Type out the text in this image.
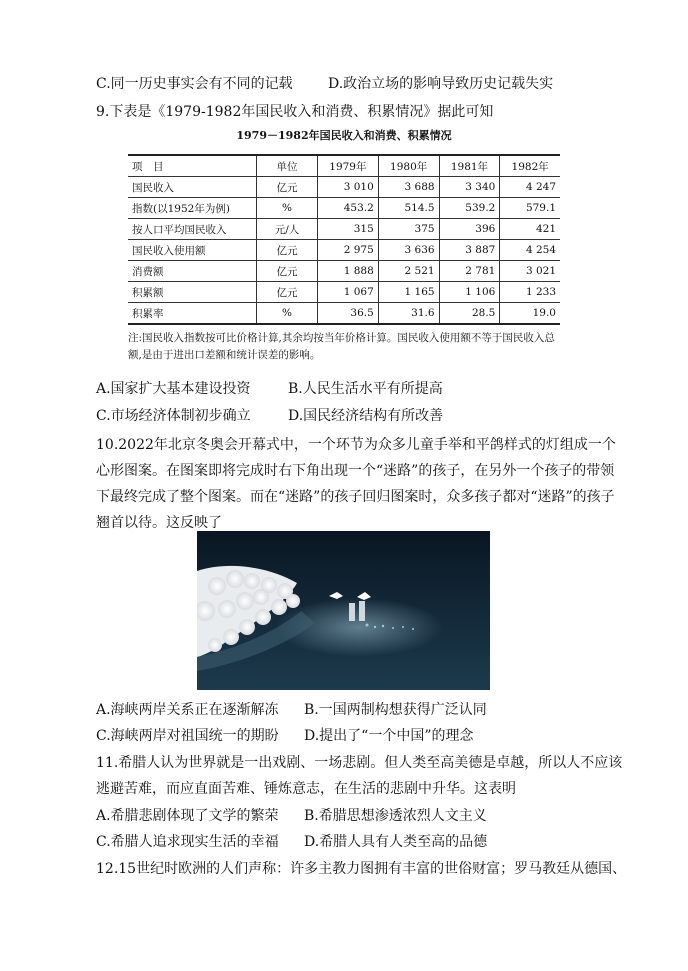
C.同一历史事实会有不同的记载	D.政治立场的影响导致历史记载失实
9.下表是《1979-1982年国民收入和消费、积累情况》据此可知
1979－1982年国民收入和消费、积累情况
项　目	单位	1979年	1980年	1981年	1982年
国民收入	亿元	3 010	3 688	3 340	4 247
指数(以1952年为例)	%	453.2	514.5	539.2	579.1
按人口平均国民收入	元/人	315	375	396	421
国民收入使用额	亿元	2 975	3 636	3 887	4 254
消费额	亿元	1 888	2 521	2 781	3 021
积累额	亿元	1 067	1 165	1 106	1 233
积累率	%	36.5	31.6	28.5	19.0
注:国民收入指数按可比价格计算,其余均按当年价格计算。国民收入使用额不等于国民收入总额,是由于进出口差额和统计误差的影响。
A.国家扩大基本建设投资	B.人民生活水平有所提高
C.市场经济体制初步确立	D.国民经济结构有所改善
10.2022年北京冬奥会开幕式中，一个环节为众多儿童手举和平鸽样式的灯组成一个心形图案。在图案即将完成时右下角出现一个“迷路”的孩子，在另外一个孩子的带领下最终完成了整个图案。而在“迷路”的孩子回归图案时，众多孩子都对“迷路”的孩子翘首以待。这反映了
A.海峡两岸关系正在逐渐解冻 B.一国两制构想获得广泛认同
C.海峡两岸对祖国统一的期盼 D.提出了“一个中国”的理念
11.希腊人认为世界就是一出戏剧、一场悲剧。但人类至高美德是卓越，所以人不应该逃避苦难，而应直面苦难、锤炼意志，在生活的悲剧中升华。这表明
A.希腊悲剧体现了文学的繁荣 B.希腊思想渗透浓烈人文主义
C.希腊人追求现实生活的幸福 D.希腊人具有人类至高的品德
12.15世纪时欧洲的人们声称：许多主教力图拥有丰富的世俗财富；罗马教廷从德国、
